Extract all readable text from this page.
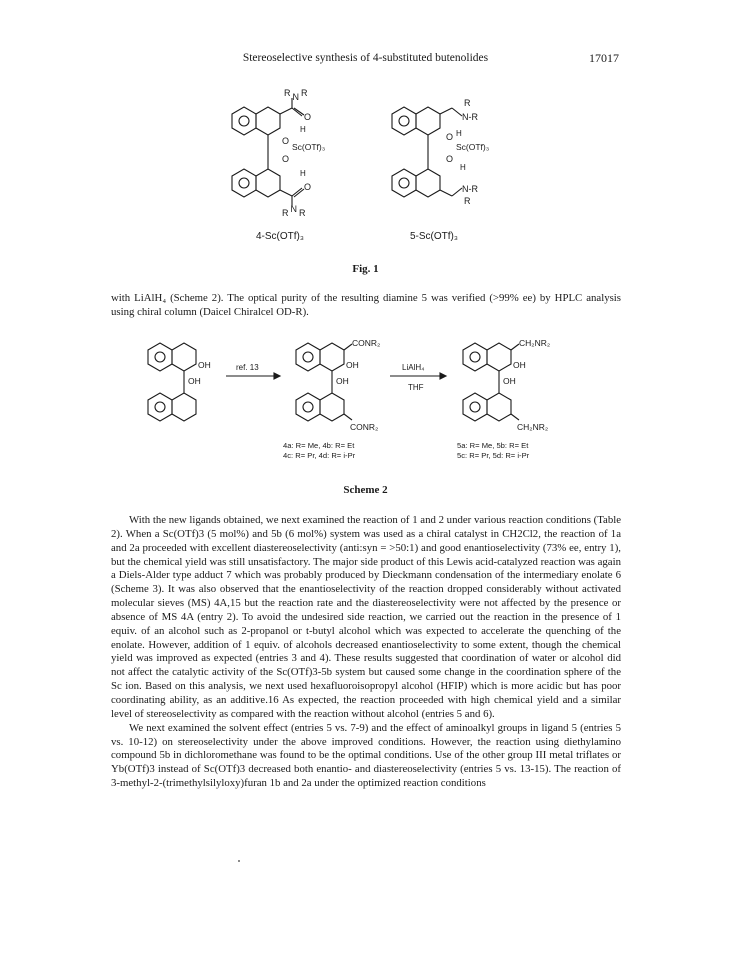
Stereoselective synthesis of 4-substituted butenolides	17017
R N R
O
H
O
Sc(OTf)₃
O
H
O
R N R
R
N-R
O H
Sc(OTf)₃
O
H
N-R
R
4-Sc(OTf)₃	5-Sc(OTf)₃
Fig. 1
with LiAlH₄ (Scheme 2). The optical purity of the resulting diamine 5 was verified (>99% ee) by HPLC analysis using chiral column (Daicel Chiralcel OD-R).
OH
OH
ref. 13
CONR₂
OH
OH
CONR₂
LiAlH₄
THF
CH₂NR₂
OH
OH
CH₂NR₂
4a: R= Me, 4b: R= Et
4c: R= Pr, 4d: R= i-Pr
5a: R= Me, 5b: R= Et
5c: R= Pr, 5d: R= i-Pr
Scheme 2

With the new ligands obtained, we next examined the reaction of 1 and 2 under various reaction conditions (Table 2). When a Sc(OTf)3 (5 mol%) and 5b (6 mol%) system was used as a chiral catalyst in CH2Cl2, the reaction of 1a and 2a proceeded with excellent diastereoselectivity (anti:syn = >50:1) and good enantioselectivity (73% ee, entry 1), but the chemical yield was still unsatisfactory. The major side product of this Lewis acid-catalyzed reaction was again a Diels-Alder type adduct 7 which was probably produced by Dieckmann condensation of the intermediary enolate 6 (Scheme 3). It was also observed that the enantioselectivity of the reaction dropped considerably without activated molecular sieves (MS) 4A,15 but the reaction rate and the diastereoselectivity were not affected by the presence or absence of MS 4A (entry 2). To avoid the undesired side reaction, we carried out the reaction in the presence of 1 equiv. of an alcohol such as 2-propanol or t-butyl alcohol which was expected to accelerate the quenching of the enolate. However, addition of 1 equiv. of alcohols decreased enantioselectivity to some extent, though the chemical yield was improved as expected (entries 3 and 4). These results suggested that coordination of water or alcohol did not affect the catalytic activity of the Sc(OTf)3-5b system but caused some change in the coordination sphere of the Sc ion. Based on this analysis, we next used hexafluoroisopropyl alcohol (HFIP) which is more acidic but has poor coordinating ability, as an additive.16 As expected, the reaction proceeded with high chemical yield and a similar level of stereoselectivity as compared with the reaction without alcohol (entries 5 and 6).

We next examined the solvent effect (entries 5 vs. 7-9) and the effect of aminoalkyl groups in ligand 5 (entries 5 vs. 10-12) on stereoselectivity under the above improved conditions. However, the reaction using diethylamino compound 5b in dichloromethane was found to be the optimal conditions. Use of the other group III metal triflates or Yb(OTf)3 instead of Sc(OTf)3 decreased both enantio- and diastereoselectivity (entries 5 vs. 13-15). The reaction of 3-methyl-2-(trimethylsilyloxy)furan 1b and 2a under the optimized reaction conditions
